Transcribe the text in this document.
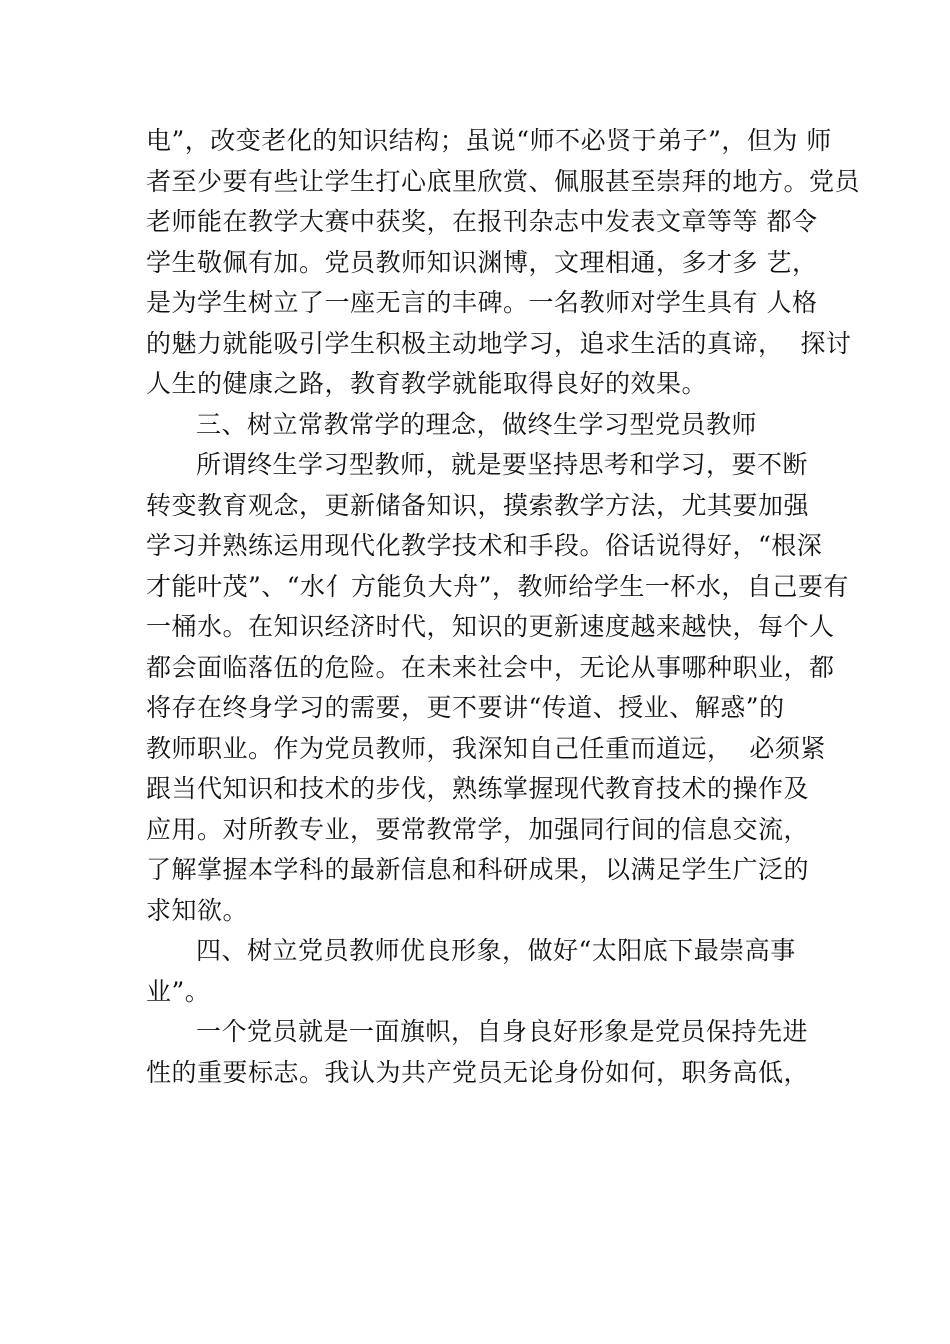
电”，改变老化的知识结构；虽说“师不必贤于弟子”，但为 师
者至少要有些让学生打心底里欣赏、佩服甚至崇拜的地方。党员
老师能在教学大赛中获奖，在报刊杂志中发表文章等等 都令
学生敬佩有加。党员教师知识渊博，文理相通，多才多 艺，
是为学生树立了一座无言的丰碑。一名教师对学生具有 人格
的魅力就能吸引学生积极主动地学习，追求生活的真谛，  探讨
人生的健康之路，教育教学就能取得良好的效果。
三、树立常教常学的理念，做终生学习型党员教师
所谓终生学习型教师，就是要坚持思考和学习，要不断
转变教育观念，更新储备知识，摸索教学方法，尤其要加强
学习并熟练运用现代化教学技术和手段。俗话说得好，“根深
才能叶茂”、“水⺅方能负大舟”，教师给学生一杯水，自己要有
一桶水。在知识经济时代，知识的更新速度越来越快，每个人
都会面临落伍的危险。在未来社会中，无论从事哪种职业，都
将存在终身学习的需要，更不要讲“传道、授业、解惑”的
教师职业。作为党员教师，我深知自己任重而道远，  必须紧
跟当代知识和技术的步伐，熟练掌握现代教育技术的操作及
应用。对所教专业，要常教常学，加强同行间的信息交流，
了解掌握本学科的最新信息和科研成果，以满足学生广泛的
求知欲。
四、树立党员教师优良形象，做好“太阳底下最崇高事
业”。
一个党员就是一面旗帜，自身良好形象是党员保持先进
性的重要标志。我认为共产党员无论身份如何，职务高低，
